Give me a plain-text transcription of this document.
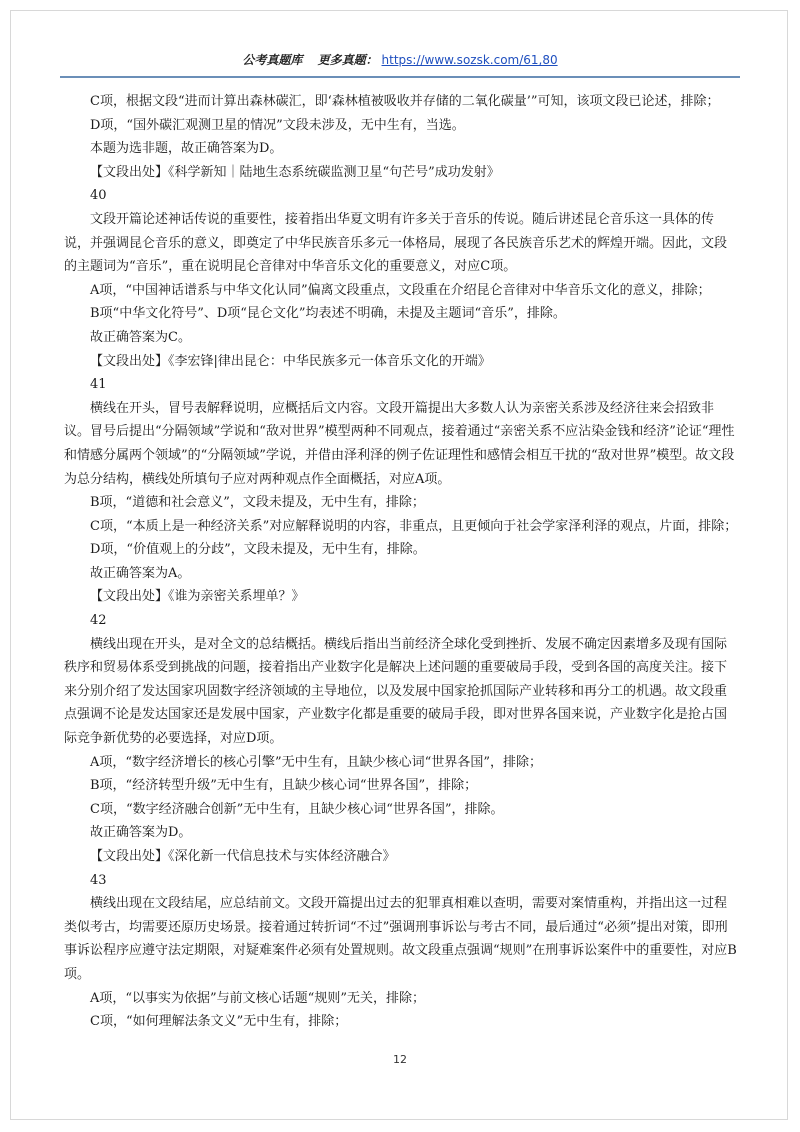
公考真题库 更多真题： https://www.sozsk.com/61,80

C项，根据文段“进而计算出森林碳汇，即‘森林植被吸收并存储的二氧化碳量’”可知，该项文段已论述，排除；

D项，“国外碳汇观测卫星的情况”文段未涉及，无中生有，当选。

本题为选非题，故正确答案为D。

【文段出处】《科学新知｜陆地生态系统碳监测卫星“句芒号”成功发射》

40

文段开篇论述神话传说的重要性，接着指出华夏文明有许多关于音乐的传说。随后讲述昆仑音乐这一具体的传说，并强调昆仑音乐的意义，即奠定了中华民族音乐多元一体格局，展现了各民族音乐艺术的辉煌开端。因此，文段的主题词为“音乐”，重在说明昆仑音律对中华音乐文化的重要意义，对应C项。

A项，“中国神话谱系与中华文化认同”偏离文段重点，文段重在介绍昆仑音律对中华音乐文化的意义，排除；

B项“中华文化符号”、D项“昆仑文化”均表述不明确，未提及主题词“音乐”，排除。

故正确答案为C。

【文段出处】《李宏锋|律出昆仑：中华民族多元一体音乐文化的开端》

41

横线在开头，冒号表解释说明，应概括后文内容。文段开篇提出大多数人认为亲密关系涉及经济往来会招致非议。冒号后提出“分隔领域”学说和“敌对世界”模型两种不同观点，接着通过“亲密关系不应沾染金钱和经济”论证“理性和情感分属两个领域”的“分隔领域”学说，并借由泽利泽的例子佐证理性和感情会相互干扰的“敌对世界”模型。故文段为总分结构，横线处所填句子应对两种观点作全面概括，对应A项。

B项，“道德和社会意义”，文段未提及，无中生有，排除；

C项，“本质上是一种经济关系”对应解释说明的内容，非重点，且更倾向于社会学家泽利泽的观点，片面，排除；

D项，“价值观上的分歧”，文段未提及，无中生有，排除。

故正确答案为A。

【文段出处】《谁为亲密关系埋单？》

42

横线出现在开头，是对全文的总结概括。横线后指出当前经济全球化受到挫折、发展不确定因素增多及现有国际秩序和贸易体系受到挑战的问题，接着指出产业数字化是解决上述问题的重要破局手段，受到各国的高度关注。接下来分别介绍了发达国家巩固数字经济领域的主导地位，以及发展中国家抢抓国际产业转移和再分工的机遇。故文段重点强调不论是发达国家还是发展中国家，产业数字化都是重要的破局手段，即对世界各国来说，产业数字化是抢占国际竞争新优势的必要选择，对应D项。

A项，“数字经济增长的核心引擎”无中生有，且缺少核心词“世界各国”，排除；

B项，“经济转型升级”无中生有，且缺少核心词“世界各国”，排除；

C项，“数字经济融合创新”无中生有，且缺少核心词“世界各国”，排除。

故正确答案为D。

【文段出处】《深化新一代信息技术与实体经济融合》

43

横线出现在文段结尾，应总结前文。文段开篇提出过去的犯罪真相难以查明，需要对案情重构，并指出这一过程类似考古，均需要还原历史场景。接着通过转折词“不过”强调刑事诉讼与考古不同，最后通过“必须”提出对策，即刑事诉讼程序应遵守法定期限，对疑难案件必须有处置规则。故文段重点强调“规则”在刑事诉讼案件中的重要性，对应B项。

A项，“以事实为依据”与前文核心话题“规则”无关，排除；

C项，“如何理解法条文义”无中生有，排除；

12
